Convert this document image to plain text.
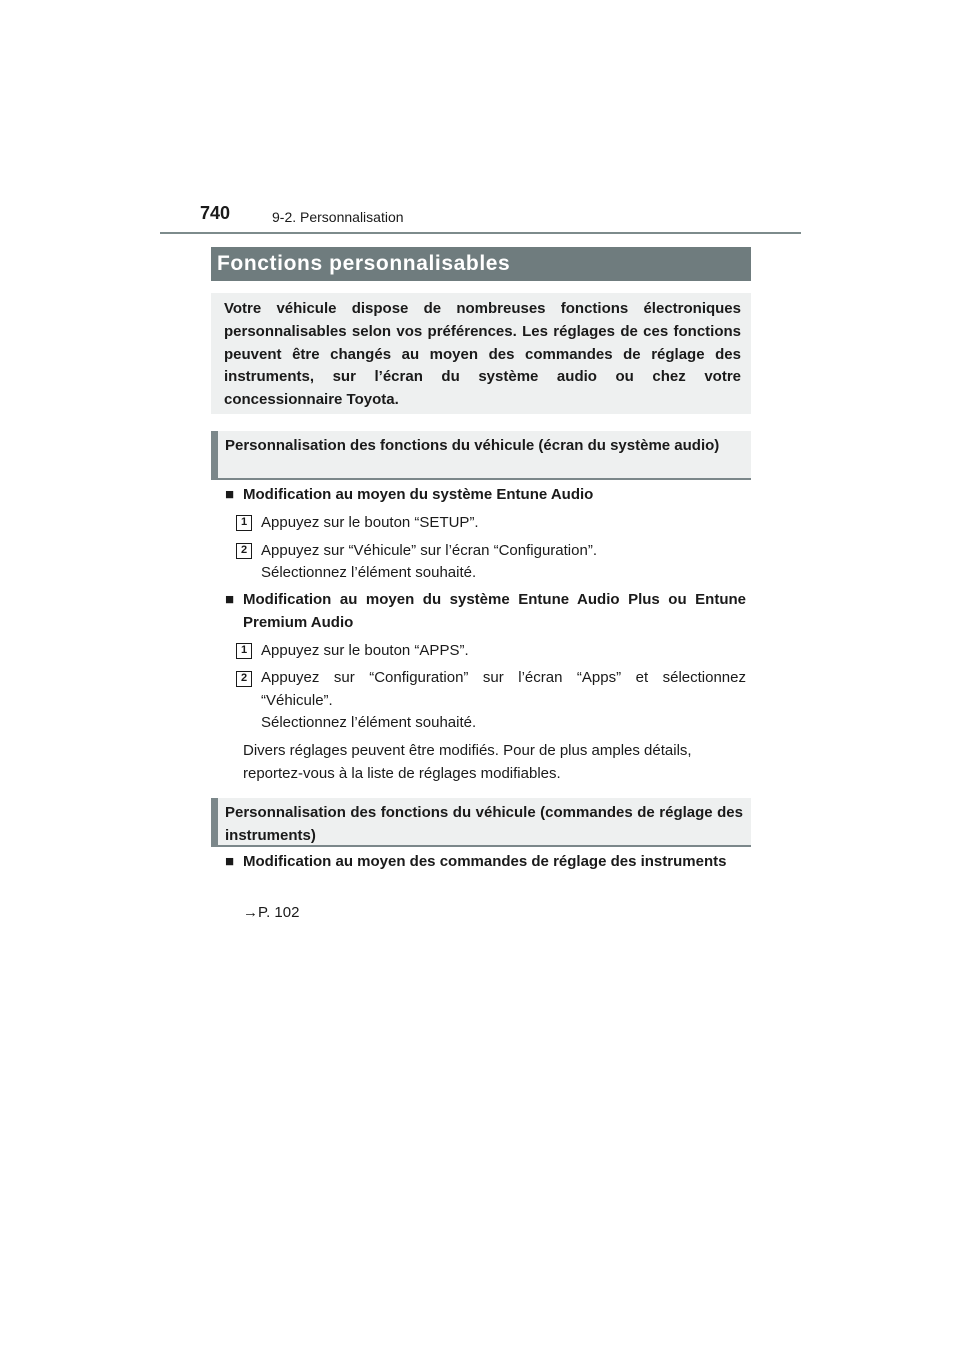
740	9-2. Personnalisation
Fonctions personnalisables
Votre véhicule dispose de nombreuses fonctions électroniques personnalisables selon vos préférences. Les réglages de ces fonctions peuvent être changés au moyen des commandes de réglage des instruments, sur l’écran du système audio ou chez votre concessionnaire Toyota.
Personnalisation des fonctions du véhicule (écran du système audio)
■ Modification au moyen du système Entune Audio
1 Appuyez sur le bouton “SETUP”.
2 Appuyez sur “Véhicule” sur l’écran “Configuration”.
Sélectionnez l’élément souhaité.
■ Modification au moyen du système Entune Audio Plus ou Entune Premium Audio
1 Appuyez sur le bouton “APPS”.
2 Appuyez sur “Configuration” sur l’écran “Apps” et sélectionnez “Véhicule”.
Sélectionnez l’élément souhaité.
Divers réglages peuvent être modifiés. Pour de plus amples détails, reportez-vous à la liste de réglages modifiables.
Personnalisation des fonctions du véhicule (commandes de réglage des instruments)
■ Modification au moyen des commandes de réglage des instruments
→P. 102
